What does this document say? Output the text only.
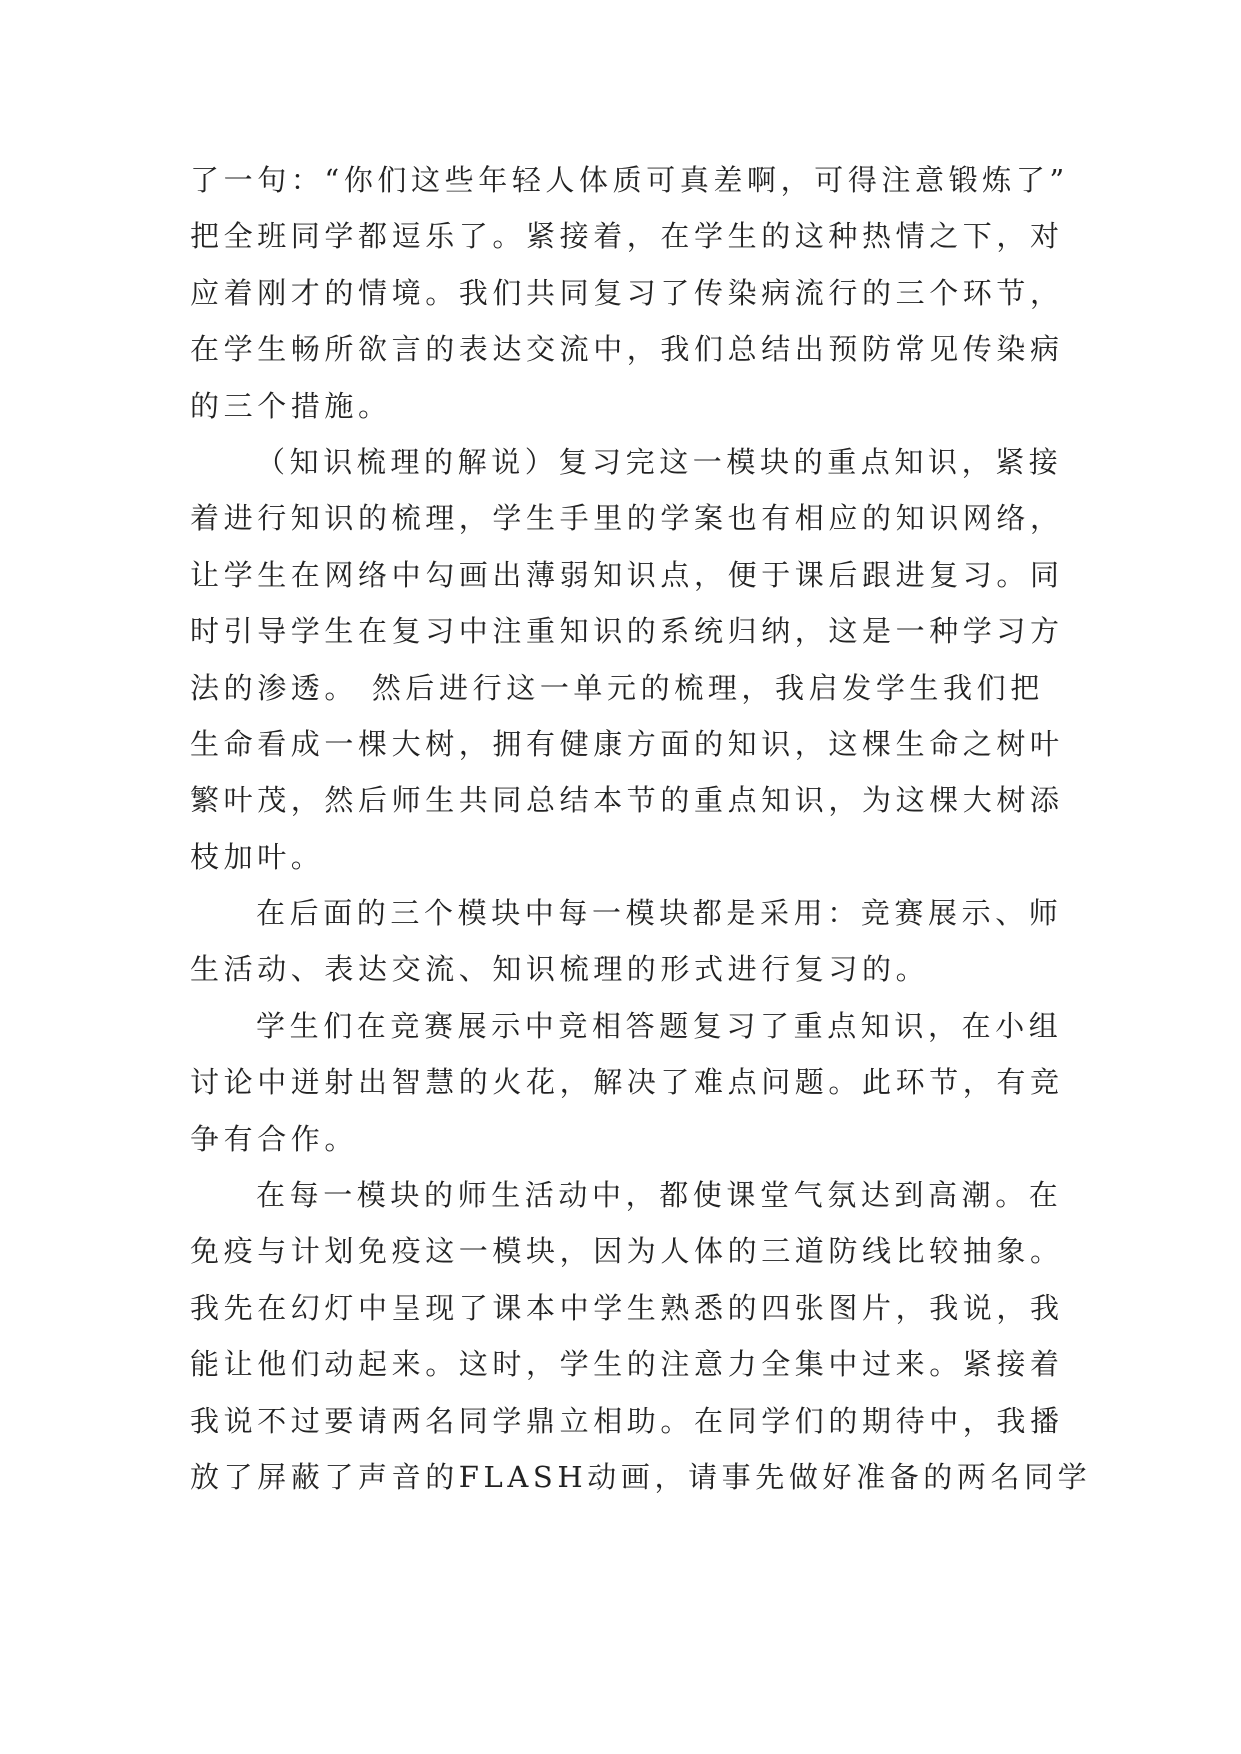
了一句：“你们这些年轻人体质可真差啊，可得注意锻炼了”
把全班同学都逗乐了。紧接着，在学生的这种热情之下，对
应着刚才的情境。我们共同复习了传染病流行的三个环节，
在学生畅所欲言的表达交流中，我们总结出预防常见传染病
的三个措施。
（知识梳理的解说）复习完这一模块的重点知识，紧接
着进行知识的梳理，学生手里的学案也有相应的知识网络，
让学生在网络中勾画出薄弱知识点，便于课后跟进复习。同
时引导学生在复习中注重知识的系统归纳，这是一种学习方
法的渗透。 然后进行这一单元的梳理，我启发学生我们把
生命看成一棵大树，拥有健康方面的知识，这棵生命之树叶
繁叶茂，然后师生共同总结本节的重点知识，为这棵大树添
枝加叶。
在后面的三个模块中每一模块都是采用：竞赛展示、师
生活动、表达交流、知识梳理的形式进行复习的。
学生们在竞赛展示中竞相答题复习了重点知识，在小组
讨论中迸射出智慧的火花，解决了难点问题。此环节，有竞
争有合作。
在每一模块的师生活动中，都使课堂气氛达到高潮。在
免疫与计划免疫这一模块，因为人体的三道防线比较抽象。
我先在幻灯中呈现了课本中学生熟悉的四张图片，我说，我
能让他们动起来。这时，学生的注意力全集中过来。紧接着
我说不过要请两名同学鼎立相助。在同学们的期待中，我播
放了屏蔽了声音的FLASH动画，请事先做好准备的两名同学
